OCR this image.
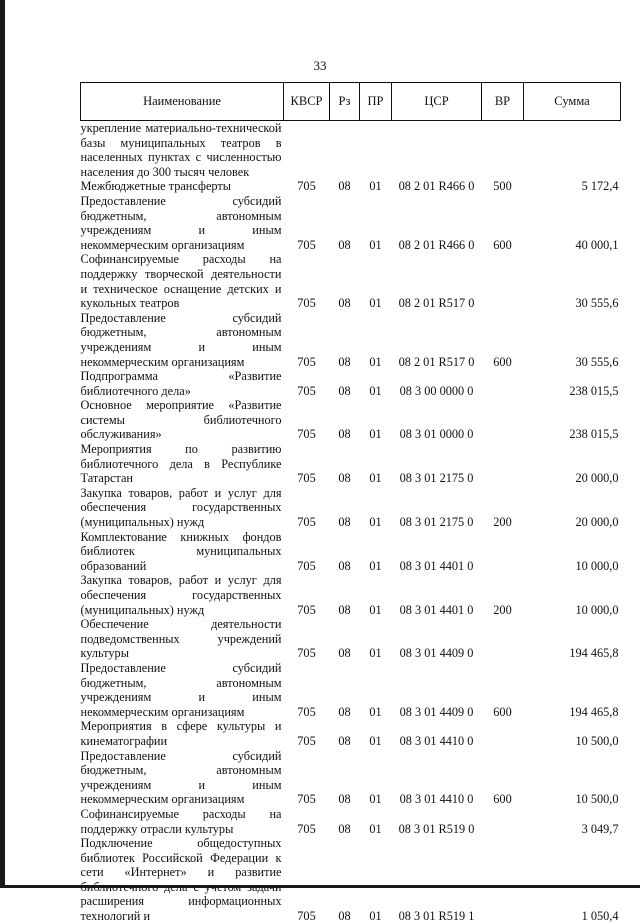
33
Наименование	КВСР	Рз	ПР	ЦСР	ВР	Сумма
укрепление материально-технической базы муниципальных театров в населенных пунктах с численностью населения до 300 тысяч человек						
Межбюджетные трансферты	705	08	01	08 2 01 R466 0	500	5 172,4
Предоставление субсидий бюджетным, автономным учреждениям и иным некоммерческим организациям	705	08	01	08 2 01 R466 0	600	40 000,1
Софинансируемые расходы на поддержку творческой деятельности и техническое оснащение детских и кукольных театров	705	08	01	08 2 01 R517 0		30 555,6
Предоставление субсидий бюджетным, автономным учреждениям и иным некоммерческим организациям	705	08	01	08 2 01 R517 0	600	30 555,6
Подпрограмма «Развитие библиотечного дела»	705	08	01	08 3 00 0000 0		238 015,5
Основное мероприятие «Развитие системы библиотечного обслуживания»	705	08	01	08 3 01 0000 0		238 015,5
Мероприятия по развитию библиотечного дела в Республике Татарстан	705	08	01	08 3 01 2175 0		20 000,0
Закупка товаров, работ и услуг для обеспечения государственных (муниципальных) нужд	705	08	01	08 3 01 2175 0	200	20 000,0
Комплектование книжных фондов библиотек муниципальных образований	705	08	01	08 3 01 4401 0		10 000,0
Закупка товаров, работ и услуг для обеспечения государственных (муниципальных) нужд	705	08	01	08 3 01 4401 0	200	10 000,0
Обеспечение деятельности подведомственных учреждений культуры	705	08	01	08 3 01 4409 0		194 465,8
Предоставление субсидий бюджетным, автономным учреждениям и иным некоммерческим организациям	705	08	01	08 3 01 4409 0	600	194 465,8
Мероприятия в сфере культуры и кинематографии	705	08	01	08 3 01 4410 0		10 500,0
Предоставление субсидий бюджетным, автономным учреждениям и иным некоммерческим организациям	705	08	01	08 3 01 4410 0	600	10 500,0
Софинансируемые расходы на поддержку отрасли культуры	705	08	01	08 3 01 R519 0		3 049,7
Подключение общедоступных библиотек Российской Федерации к сети «Интернет» и развитие библиотечного дела с учетом задачи расширения информационных технологий и	705	08	01	08 3 01 R519 1		1 050,4
